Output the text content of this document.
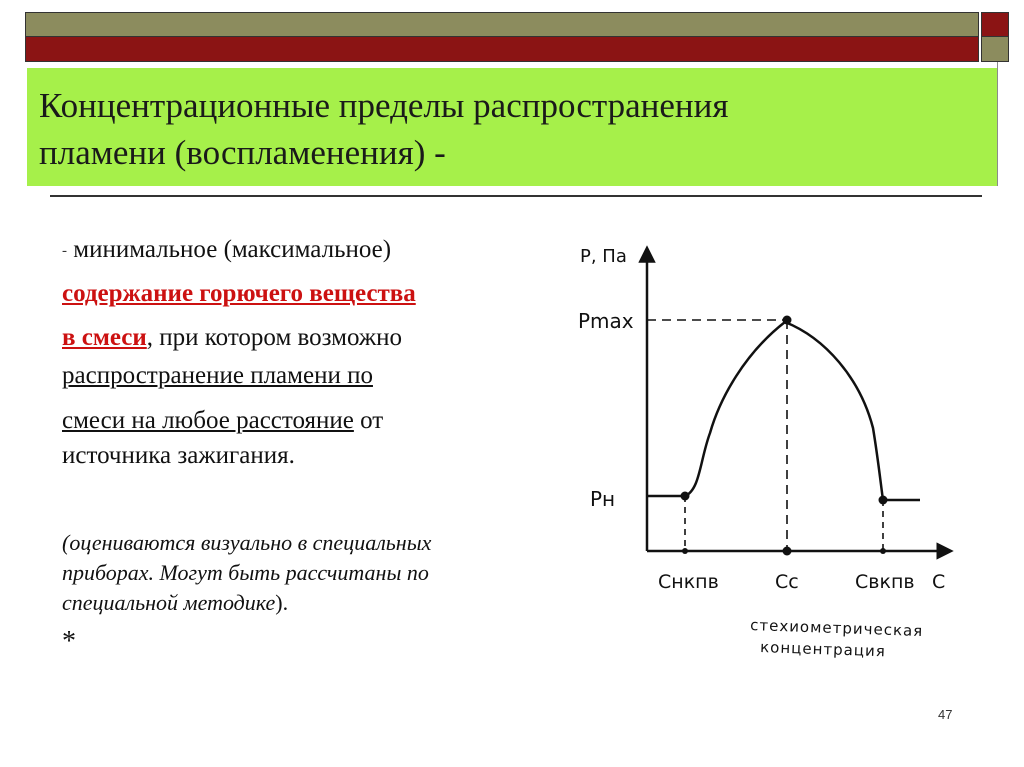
Концентрационные пределы распространения
пламени (воспламенения) -
- минимальное (максимальное)
содержание горючего вещества
в смеси, при котором возможно
распространение пламени по
смеси на любое расстояние от
источника зажигания.
(оцениваются визуально в специальных
приборах. Могут быть рассчитаны по
специальной методике).
*
P, Па
Pmax
Pн
Cнкпв	Cс	Cвкпв C
стехиометрическая
концентрация
47
